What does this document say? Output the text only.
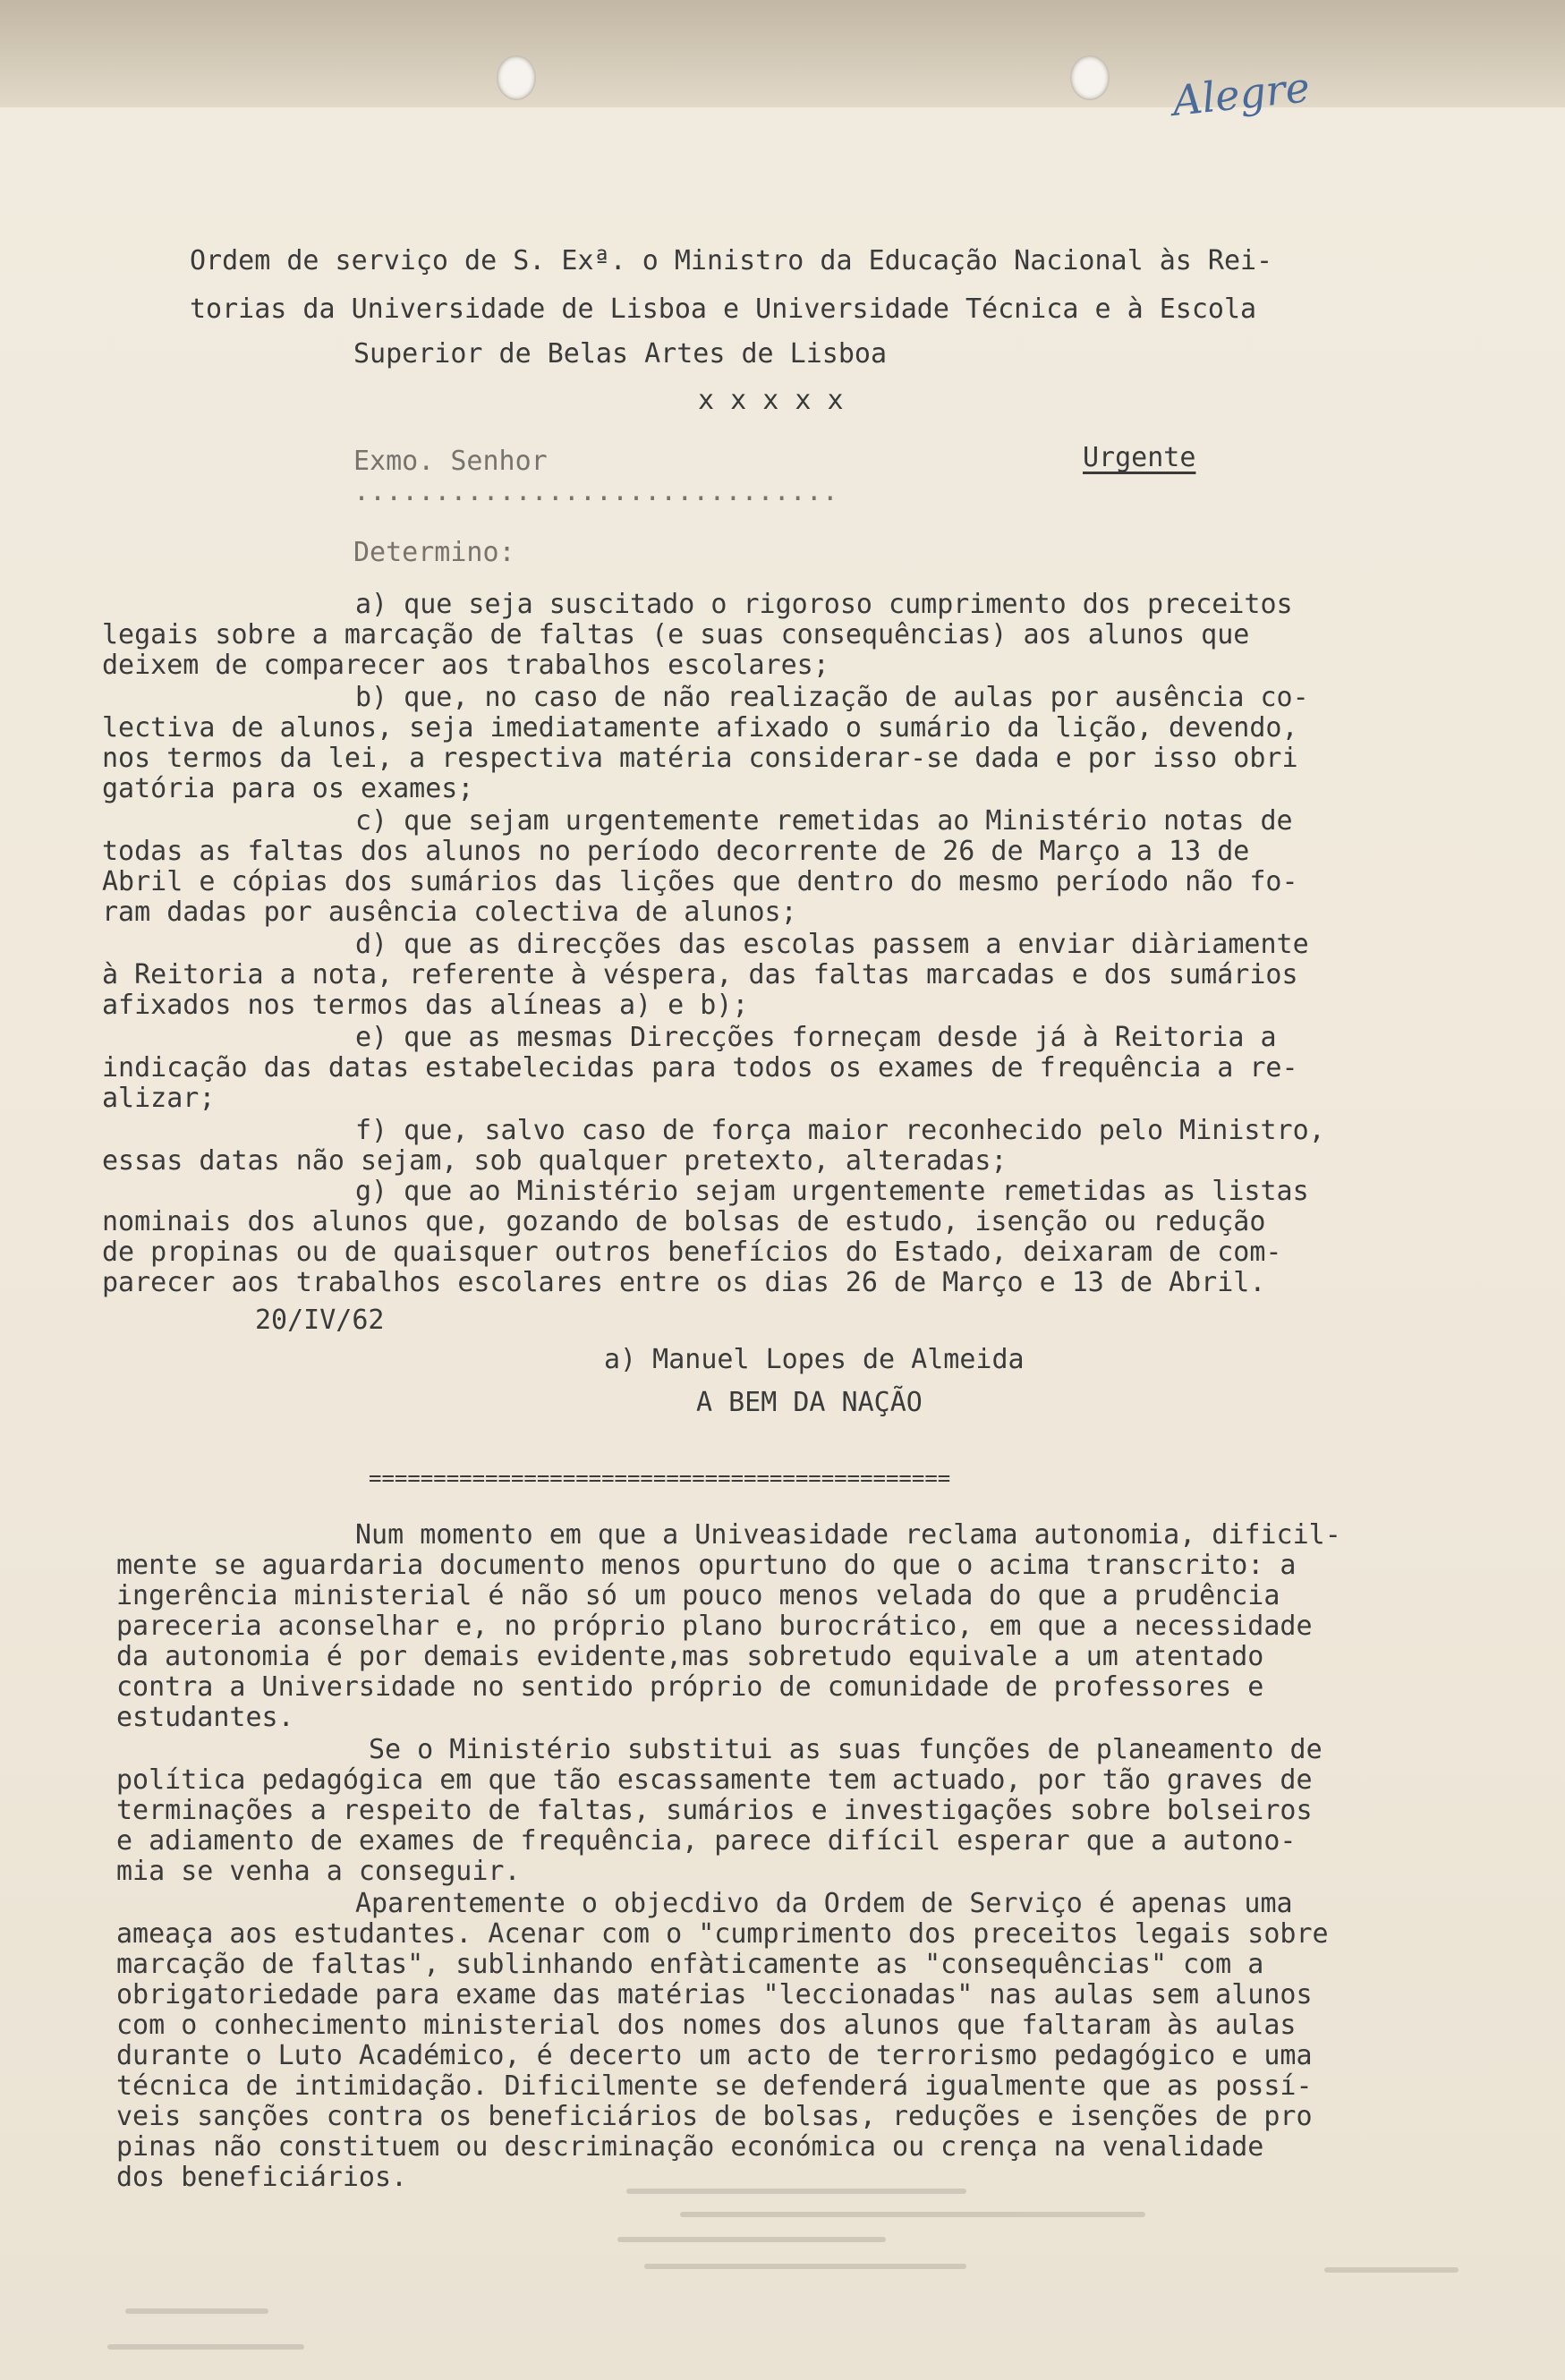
Alegre
Ordem de serviço de S. Exª. o Ministro da Educação Nacional às Rei-
torias da Universidade de Lisboa e Universidade Técnica e à Escola
Superior de Belas Artes de Lisboa
x x x x x
Exmo. Senhor	Urgente
..............................
Determino:
a) que seja suscitado o rigoroso cumprimento dos preceitos
legais sobre a marcação de faltas (e suas consequências) aos alunos que
deixem de comparecer aos trabalhos escolares;
b) que, no caso de não realização de aulas por ausência co-
lectiva de alunos, seja imediatamente afixado o sumário da lição, devendo,
nos termos da lei, a respectiva matéria considerar-se dada e por isso obri
gatória para os exames;
c) que sejam urgentemente remetidas ao Ministério notas de
todas as faltas dos alunos no período decorrente de 26 de Março a 13 de
Abril e cópias dos sumários das lições que dentro do mesmo período não fo-
ram dadas por ausência colectiva de alunos;
d) que as direcções das escolas passem a enviar diàriamente
à Reitoria a nota, referente à véspera, das faltas marcadas e dos sumários
afixados nos termos das alíneas a) e b);
e) que as mesmas Direcções forneçam desde já à Reitoria a
indicação das datas estabelecidas para todos os exames de frequência a re-
alizar;
f) que, salvo caso de força maior reconhecido pelo Ministro,
essas datas não sejam, sob qualquer pretexto, alteradas;
g) que ao Ministério sejam urgentemente remetidas as listas
nominais dos alunos que, gozando de bolsas de estudo, isenção ou redução
de propinas ou de quaisquer outros benefícios do Estado, deixaram de com-
parecer aos trabalhos escolares entre os dias 26 de Março e 13 de Abril.
20/IV/62
a) Manuel Lopes de Almeida
A BEM DA NAÇÃO
=============================================
Num momento em que a Univeasidade reclama autonomia, dificil-
mente se aguardaria documento menos opurtuno do que o acima transcrito: a
ingerência ministerial é não só um pouco menos velada do que a prudência
pareceria aconselhar e, no próprio plano burocrático, em que a necessidade
da autonomia é por demais evidente,mas sobretudo equivale a um atentado
contra a Universidade no sentido próprio de comunidade de professores e
estudantes.
Se o Ministério substitui as suas funções de planeamento de
política pedagógica em que tão escassamente tem actuado, por tão graves de
terminações a respeito de faltas, sumários e investigações sobre bolseiros
e adiamento de exames de frequência, parece difícil esperar que a autono-
mia se venha a conseguir.
Aparentemente o objecdivo da Ordem de Serviço é apenas uma
ameaça aos estudantes. Acenar com o "cumprimento dos preceitos legais sobre
marcação de faltas", sublinhando enfàticamente as "consequências" com a
obrigatoriedade para exame das matérias "leccionadas" nas aulas sem alunos
com o conhecimento ministerial dos nomes dos alunos que faltaram às aulas
durante o Luto Académico, é decerto um acto de terrorismo pedagógico e uma
técnica de intimidação. Dificilmente se defenderá igualmente que as possí-
veis sanções contra os beneficiários de bolsas, reduções e isenções de pro
pinas não constituem ou descriminação económica ou crença na venalidade
dos beneficiários.
